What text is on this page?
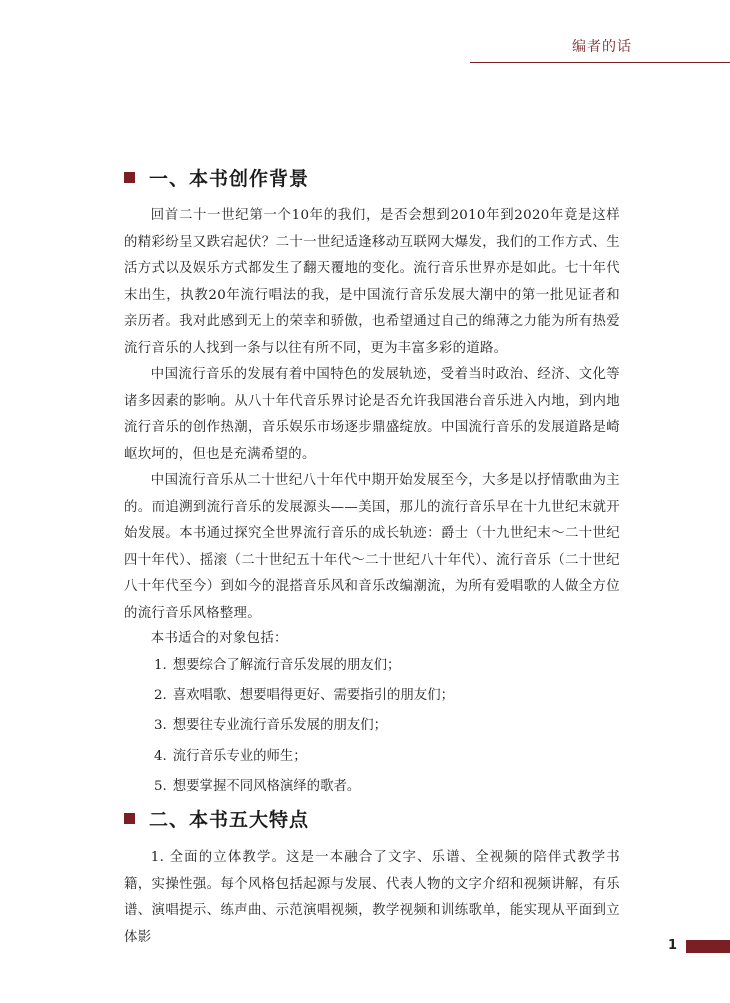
编者的话
一、本书创作背景

回首二十一世纪第一个10年的我们，是否会想到2010年到2020年竟是这样的精彩纷呈又跌宕起伏？二十一世纪适逢移动互联网大爆发，我们的工作方式、生活方式以及娱乐方式都发生了翻天覆地的变化。流行音乐世界亦是如此。七十年代末出生，执教20年流行唱法的我，是中国流行音乐发展大潮中的第一批见证者和亲历者。我对此感到无上的荣幸和骄傲，也希望通过自己的绵薄之力能为所有热爱流行音乐的人找到一条与以往有所不同，更为丰富多彩的道路。

中国流行音乐的发展有着中国特色的发展轨迹，受着当时政治、经济、文化等诸多因素的影响。从八十年代音乐界讨论是否允许我国港台音乐进入内地，到内地流行音乐的创作热潮，音乐娱乐市场逐步鼎盛绽放。中国流行音乐的发展道路是崎岖坎坷的，但也是充满希望的。

中国流行音乐从二十世纪八十年代中期开始发展至今，大多是以抒情歌曲为主的。而追溯到流行音乐的发展源头——美国，那儿的流行音乐早在十九世纪末就开始发展。本书通过探究全世界流行音乐的成长轨迹：爵士（十九世纪末～二十世纪四十年代）、摇滚（二十世纪五十年代～二十世纪八十年代）、流行音乐（二十世纪八十年代至今）到如今的混搭音乐风和音乐改编潮流，为所有爱唱歌的人做全方位的流行音乐风格整理。

本书适合的对象包括：

1. 想要综合了解流行音乐发展的朋友们；
2. 喜欢唱歌、想要唱得更好、需要指引的朋友们；
3. 想要往专业流行音乐发展的朋友们；
4. 流行音乐专业的师生；
5. 想要掌握不同风格演绎的歌者。
二、本书五大特点

1. 全面的立体教学。这是一本融合了文字、乐谱、全视频的陪伴式教学书籍，实操性强。每个风格包括起源与发展、代表人物的文字介绍和视频讲解，有乐谱、演唱提示、练声曲、示范演唱视频，教学视频和训练歌单，能实现从平面到立体影

1
